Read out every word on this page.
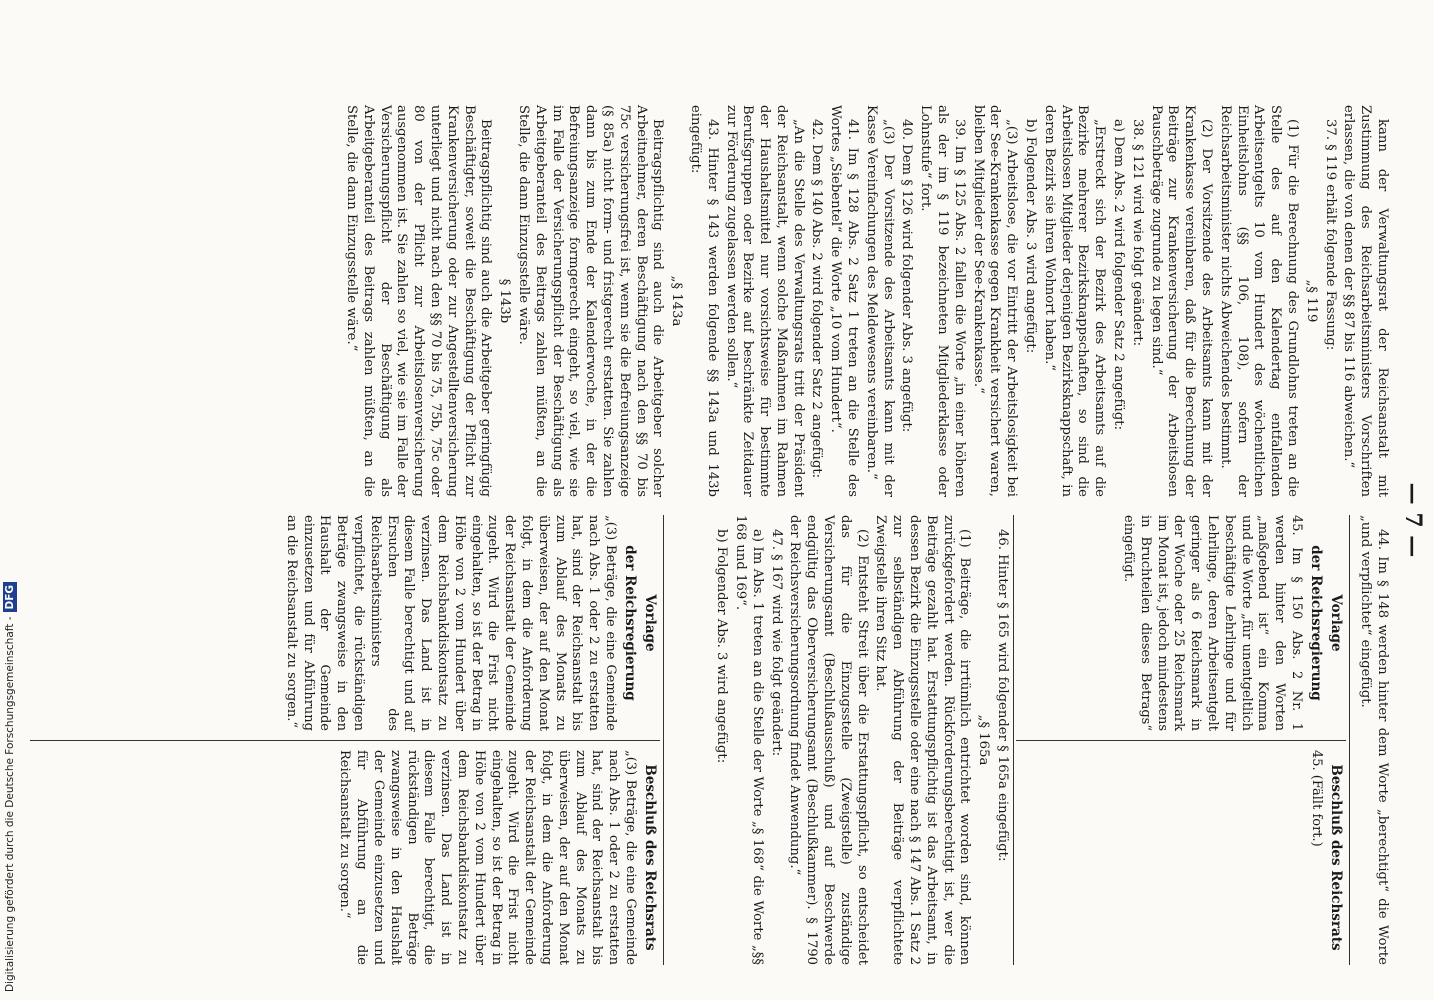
— 7 —

kann der Verwaltungsrat der Reichsanstalt mit Zustimmung des Reichsarbeitsministers Vorschriften erlassen, die von denen der §§ 87 bis 116 abweichen.“

37. § 119 erhält folgende Fassung:

„§ 119

(1) Für die Berechnung des Grundlohns treten an die Stelle des auf den Kalendertag entfallenden Arbeitsentgelts 10 vom Hundert des wöchentlichen Einheitslohns (§§ 106, 108), sofern der Reichsarbeitsminister nichts Abweichendes bestimmt.

(2) Der Vorsitzende des Arbeitsamts kann mit der Krankenkasse vereinbaren, daß für die Berechnung der Beiträge zur Krankenversicherung der Arbeitslosen Pauschbeträge zugrunde zu legen sind.“

38. § 121 wird wie folgt geändert:

a) Dem Abs. 2 wird folgender Satz 2 angefügt:

„Erstreckt sich der Bezirk des Arbeitsamts auf die Bezirke mehrerer Bezirksknappschaften, so sind die Arbeitslosen Mitglieder derjenigen Bezirksknappschaft, in deren Bezirk sie ihren Wohnort haben.“

b) Folgender Abs. 3 wird angefügt:

„(3) Arbeitslose, die vor Eintritt der Arbeitslosigkeit bei der See-Krankenkasse gegen Krankheit versichert waren, bleiben Mitglieder der See-Krankenkasse.“

39. Im § 125 Abs. 2 fallen die Worte „in einer höheren als der im § 119 bezeichneten Mitgliederklasse oder Lohnstufe“ fort.

40. Dem § 126 wird folgender Abs. 3 angefügt:

„(3) Der Vorsitzende des Arbeitsamts kann mit der Kasse Vereinfachungen des Meldewesens vereinbaren.“

41. Im § 128 Abs. 2 Satz 1 treten an die Stelle des Wortes „Siebentel“ die Worte „10 vom Hundert“.

42. Dem § 140 Abs. 2 wird folgender Satz 2 angefügt:

„An die Stelle des Verwaltungsrats tritt der Präsident der Reichsanstalt, wenn solche Maßnahmen im Rahmen der Haushaltsmittel nur vorsichtsweise für bestimmte Berufsgruppen oder Bezirke auf beschränkte Zeitdauer zur Förderung zugelassen werden sollen.“

43. Hinter § 143 werden folgende §§ 143a und 143b eingefügt:

„§ 143a

Beitragspflichtig sind auch die Arbeitgeber solcher Arbeitnehmer, deren Beschäftigung nach den §§ 70 bis 75c versicherungsfrei ist, wenn sie die Befreiungsanzeige (§ 85a) nicht form- und fristgerecht erstatten. Sie zahlen dann bis zum Ende der Kalenderwoche, in der die Befreiungsanzeige formgerecht eingeht, so viel, wie sie im Falle der Versicherungspflicht der Beschäftigung als Arbeitgeberanteil des Beitrags zahlen müßten, an die Stelle, die dann Einzugsstelle wäre.

§ 143b

Beitragspflichtig sind auch die Arbeitgeber geringfügig Beschäftigter, soweit die Beschäftigung der Pflicht zur Krankenversicherung oder zur Angestelltenversicherung unterliegt und nicht nach den §§ 70 bis 75, 75b, 75c oder 80 von der Pflicht zur Arbeitslosenversicherung ausgenommen ist. Sie zahlen so viel, wie sie im Falle der Versicherungspflicht der Beschäftigung als Arbeitgeberanteil des Beitrags zahlen müßten, an die Stelle, die dann Einzugsstelle wäre.“

44. Im § 148 werden hinter dem Worte „berechtigt“ die Worte „und verpflichtet“ eingefügt.

Vorlage
der Reichsregierung

45. Im § 150 Abs. 2 Nr. 1 werden hinter den Worten „maßgebend ist“ ein Komma und die Worte „für unentgeltlich beschäftigte Lehrlinge und für Lehrlinge, deren Arbeitsentgelt geringer als 6 Reichsmark in der Woche oder 25 Reichsmark im Monat ist, jedoch mindestens in Bruchteilen dieses Betrags“ eingefügt.

Beschluß des Reichsrats

45. (Fällt fort.)

46. Hinter § 165 wird folgender § 165a eingefügt:

„§ 165a

(1) Beiträge, die irrtümlich entrichtet worden sind, können zurückgefordert werden. Rückforderungsberechtigt ist, wer die Beiträge gezahlt hat. Erstattungspflichtig ist das Arbeitsamt, in dessen Bezirk die Einzugsstelle oder eine nach § 147 Abs. 1 Satz 2 zur selbständigen Abführung der Beiträge verpflichtete Zweigstelle ihren Sitz hat.

(2) Entsteht Streit über die Erstattungspflicht, so entscheidet das für die Einzugsstelle (Zweigstelle) zuständige Versicherungsamt (Beschlußausschuß) und auf Beschwerde endgültig das Oberversicherungsamt (Beschlußkammer). § 1790 der Reichsversicherungsordnung findet Anwendung.“

47. § 167 wird wie folgt geändert:

a) Im Abs. 1 treten an die Stelle der Worte „§ 168“ die Worte „§§ 168 und 169“.

b) Folgender Abs. 3 wird angefügt:

Vorlage
der Reichsregierung

„(3) Beträge, die eine Gemeinde nach Abs. 1 oder 2 zu erstatten hat, sind der Reichsanstalt bis zum Ablauf des Monats zu überweisen, der auf den Monat folgt, in dem die Anforderung der Reichsanstalt der Gemeinde zugeht. Wird die Frist nicht eingehalten, so ist der Betrag in Höhe von 2 vom Hundert über dem Reichsbankdiskontsatz zu verzinsen. Das Land ist in diesem Falle berechtigt und auf Ersuchen des Reichsarbeitsministers verpflichtet, die rückständigen Beträge zwangsweise in den Haushalt der Gemeinde einzusetzen und für Abführung an die Reichsanstalt zu sorgen.“

Beschluß des Reichsrats

„(3) Beträge, die eine Gemeinde nach Abs. 1 oder 2 zu erstatten hat, sind der Reichsanstalt bis zum Ablauf des Monats zu überweisen, der auf den Monat folgt, in dem die Anforderung der Reichsanstalt der Gemeinde zugeht. Wird die Frist nicht eingehalten, so ist der Betrag in Höhe von 2 vom Hundert über dem Reichsbankdiskontsatz zu verzinsen. Das Land ist in diesem Falle berechtigt, die rückständigen Beträge zwangsweise in den Haushalt der Gemeinde einzusetzen und für Abführung an die Reichsanstalt zu sorgen.“

Digitalisierung gefördert durch die Deutsche Forschungsgemeinschaft -DFG
